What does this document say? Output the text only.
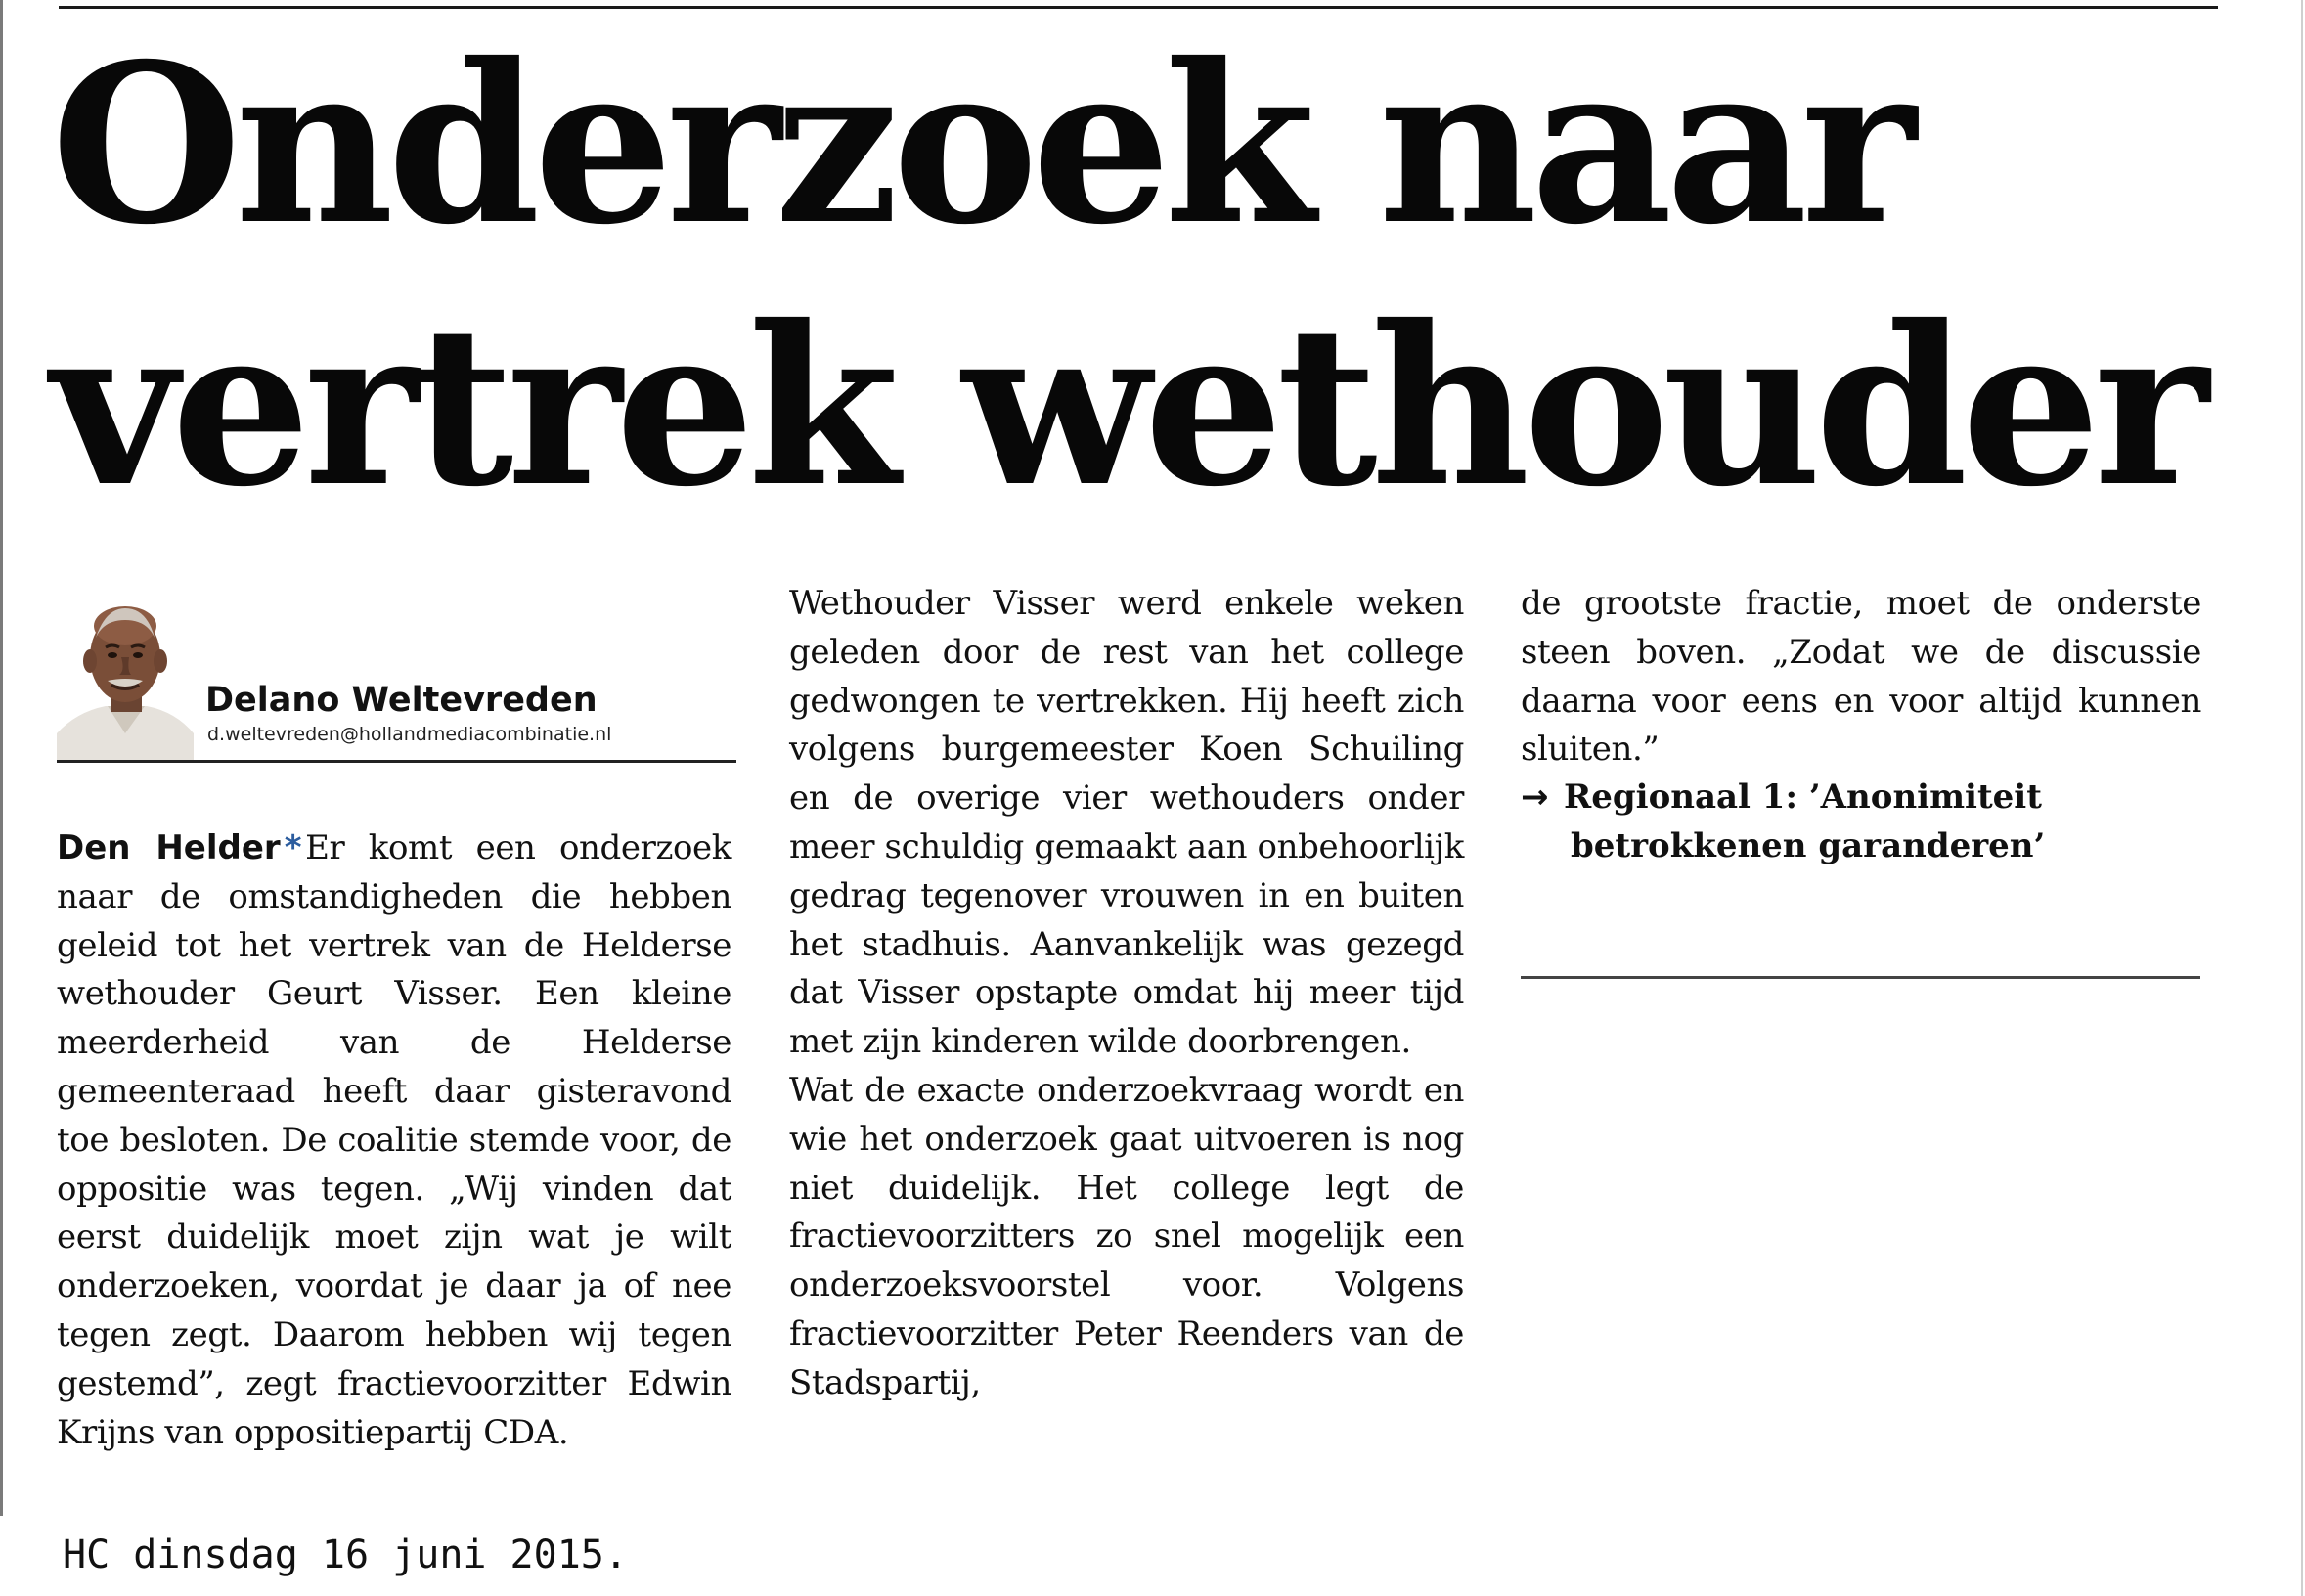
Onderzoek naar
vertrek wethouder
Delano Weltevreden
d.weltevreden@hollandmediacombinatie.nl

Den Helder * Er komt een onderzoek naar de omstandigheden die hebben geleid tot het vertrek van de Helderse wethouder Geurt Visser. Een kleine meerderheid van de Helderse gemeenteraad heeft daar gisteravond toe besloten. De coalitie stemde voor, de oppositie was tegen. „Wij vinden dat eerst duidelijk moet zijn wat je wilt onderzoeken, voordat je daar ja of nee tegen zegt. Daarom hebben wij tegen gestemd”, zegt fractievoorzitter Edwin Krijns van oppositiepartij CDA.

Wethouder Visser werd enkele weken geleden door de rest van het college gedwongen te vertrekken. Hij heeft zich volgens burgemeester Koen Schuiling en de overige vier wethouders onder meer schuldig gemaakt aan onbehoorlijk gedrag tegenover vrouwen in en buiten het stadhuis. Aanvankelijk was gezegd dat Visser opstapte omdat hij meer tijd met zijn kinderen wilde doorbrengen.

Wat de exacte onderzoekvraag wordt en wie het onderzoek gaat uitvoeren is nog niet duidelijk. Het college legt de fractievoorzitters zo snel mogelijk een onderzoeksvoorstel voor. Volgens fractievoorzitter Peter Reenders van de Stadspartij,

de grootste fractie, moet de onderste steen boven. „Zodat we de discussie daarna voor eens en voor altijd kunnen sluiten.”

→ Regionaal 1: ’Anonimiteit
betrokkenen garanderen’
HC dinsdag 16 juni 2015.
